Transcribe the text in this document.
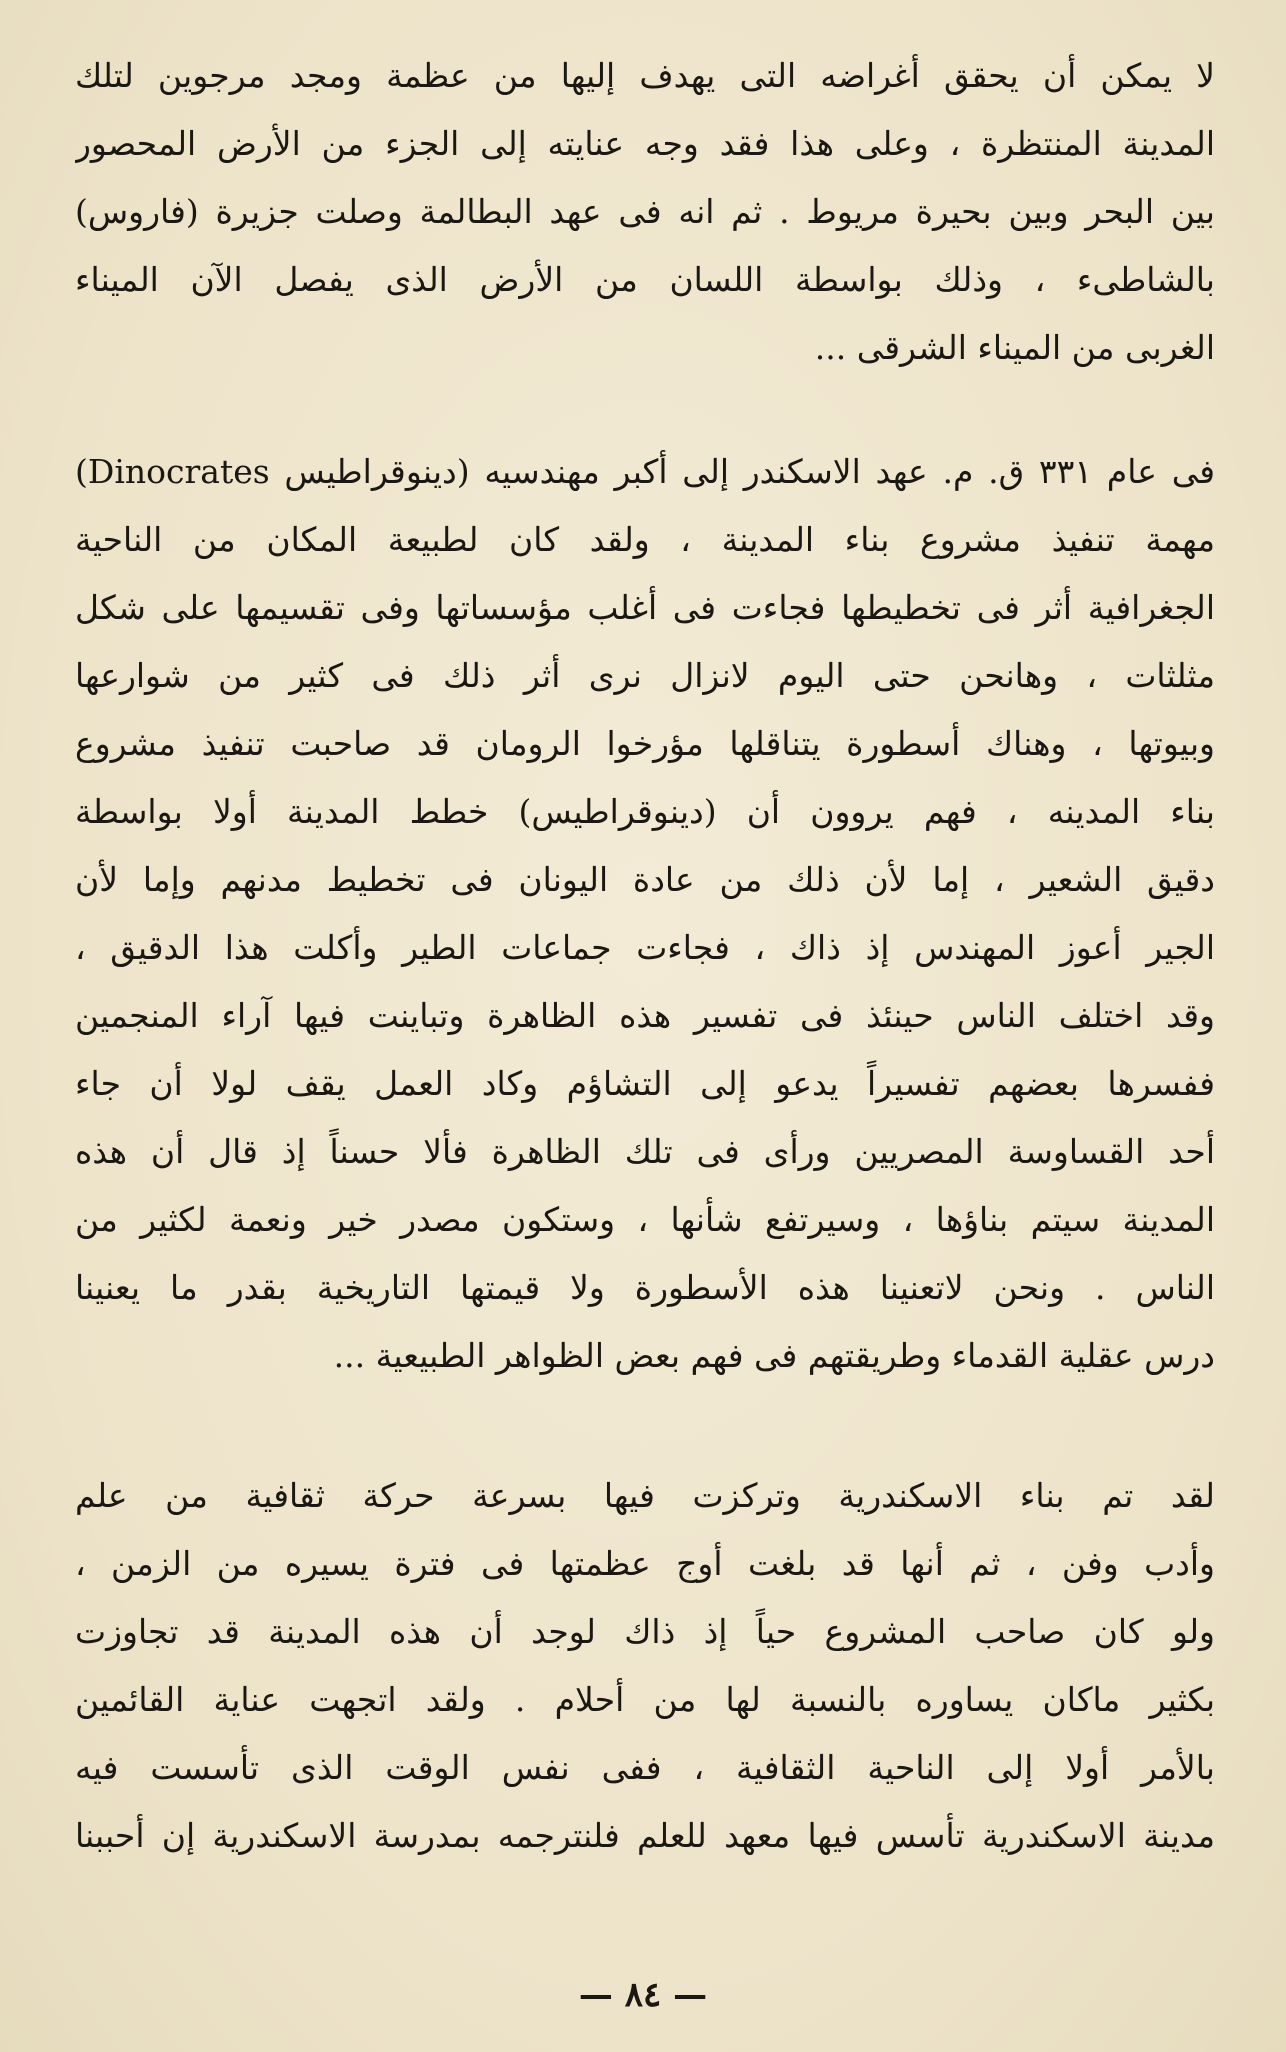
لا يمكن أن يحقق أغراضه التى يهدف إليها من عظمة ومجد مرجوين لتلك
المدينة المنتظرة ، وعلى هذا فقد وجه عنايته إلى الجزء من الأرض المحصور
بين البحر وبين بحيرة مريوط . ثم انه فى عهد البطالمة وصلت جزيرة (فاروس)
بالشاطىء ، وذلك بواسطة اللسان من الأرض الذى يفصل الآن الميناء
الغربى من الميناء الشرقى ...
فى عام ٣٣١ ق. م. عهد الاسكندر إلى أكبر مهندسيه (دينوقراطيس Dinocrates)
مهمة تنفيذ مشروع بناء المدينة ، ولقد كان لطبيعة المكان من الناحية
الجغرافية أثر فى تخطيطها فجاءت فى أغلب مؤسساتها وفى تقسيمها على شكل
مثلثات ، وهانحن حتى اليوم لانزال نرى أثر ذلك فى كثير من شوارعها
وبيوتها ، وهناك أسطورة يتناقلها مؤرخوا الرومان قد صاحبت تنفيذ مشروع
بناء المدينه ، فهم يروون أن (دينوقراطيس) خطط المدينة أولا بواسطة
دقيق الشعير ، إما لأن ذلك من عادة اليونان فى تخطيط مدنهم وإما لأن
الجير أعوز المهندس إذ ذاك ، فجاءت جماعات الطير وأكلت هذا الدقيق ،
وقد اختلف الناس حينئذ فى تفسير هذه الظاهرة وتباينت فيها آراء المنجمين
ففسرها بعضهم تفسيراً يدعو إلى التشاؤم وكاد العمل يقف لولا أن جاء
أحد القساوسة المصريين ورأى فى تلك الظاهرة فألا حسناً إذ قال أن هذه
المدينة سيتم بناؤها ، وسيرتفع شأنها ، وستكون مصدر خير ونعمة لكثير من
الناس . ونحن لاتعنينا هذه الأسطورة ولا قيمتها التاريخية بقدر ما يعنينا
درس عقلية القدماء وطريقتهم فى فهم بعض الظواهر الطبيعية ...
لقد تم بناء الاسكندرية وتركزت فيها بسرعة حركة ثقافية من علم
وأدب وفن ، ثم أنها قد بلغت أوج عظمتها فى فترة يسيره من الزمن ،
ولو كان صاحب المشروع حياً إذ ذاك لوجد أن هذه المدينة قد تجاوزت
بكثير ماكان يساوره بالنسبة لها من أحلام . ولقد اتجهت عناية القائمين
بالأمر أولا إلى الناحية الثقافية ، ففى نفس الوقت الذى تأسست فيه
مدينة الاسكندرية تأسس فيها معهد للعلم فلنترجمه بمدرسة الاسكندرية إن أحببنا
— ٨٤ —
